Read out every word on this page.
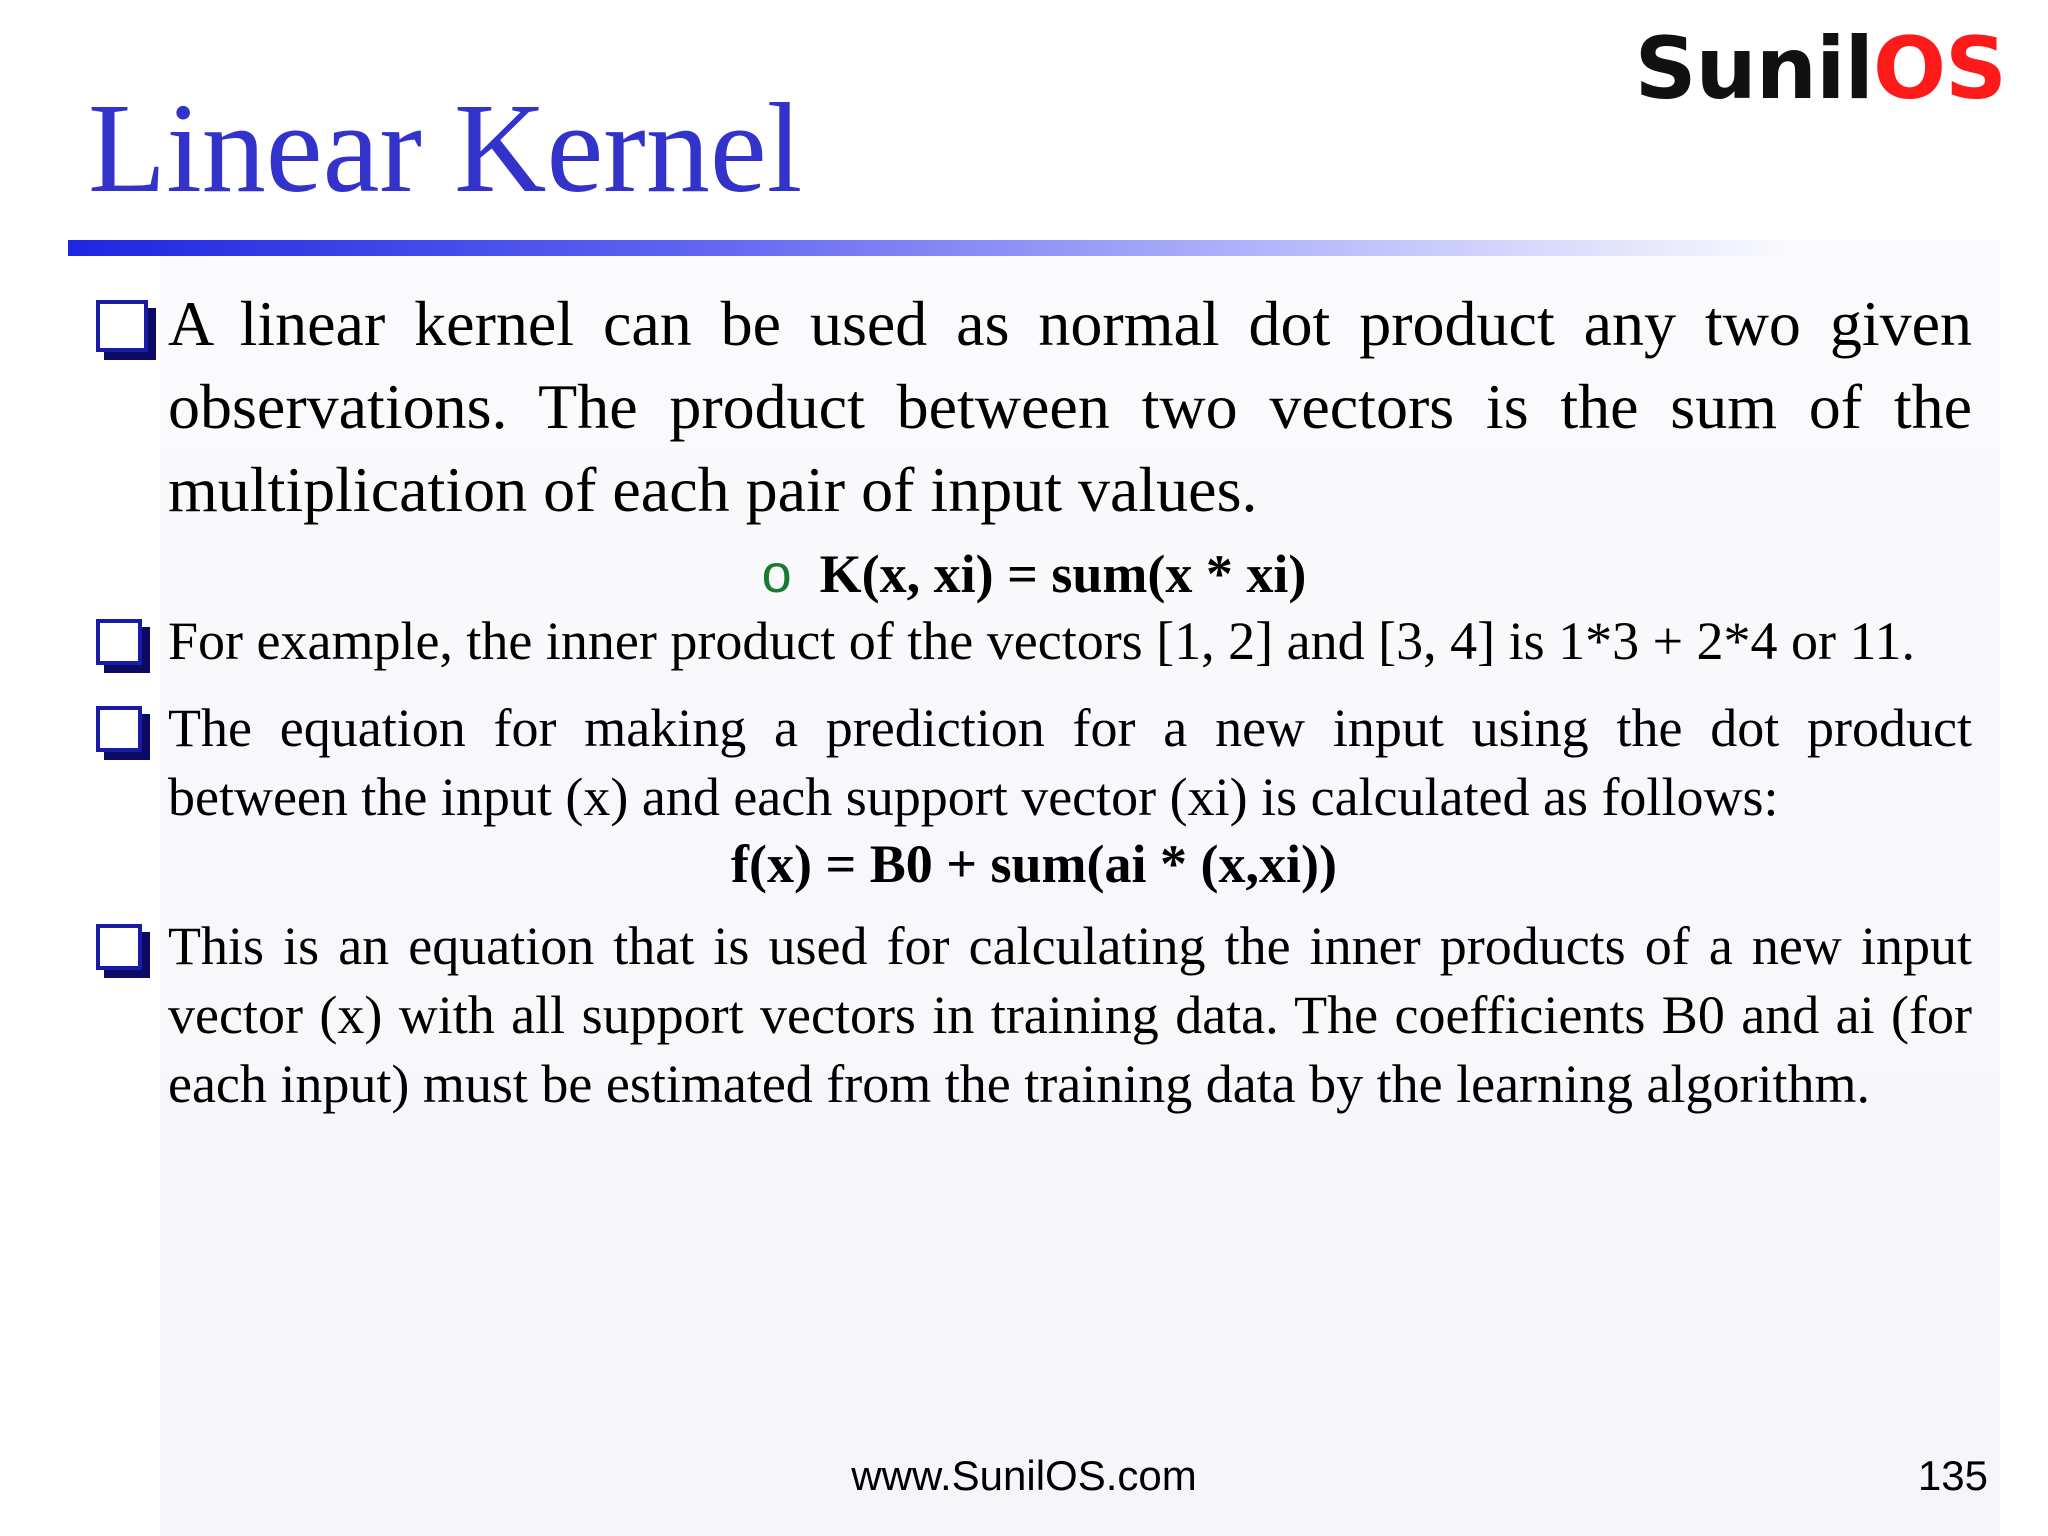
SunilOS
Linear Kernel
A linear kernel can be used as normal dot product any two given observations. The product between two vectors is the sum of the multiplication of each pair of input values.
o K(x, xi) = sum(x * xi)
For example, the inner product of the vectors [1, 2] and [3, 4] is 1*3 + 2*4 or 11.
The equation for making a prediction for a new input using the dot product between the input (x) and each support vector (xi) is calculated as follows:
f(x) = B0 + sum(ai * (x,xi))
This is an equation that is used for calculating the inner products of a new input vector (x) with all support vectors in training data. The coefficients B0 and ai (for each input) must be estimated from the training data by the learning algorithm.
www.SunilOS.com	135
